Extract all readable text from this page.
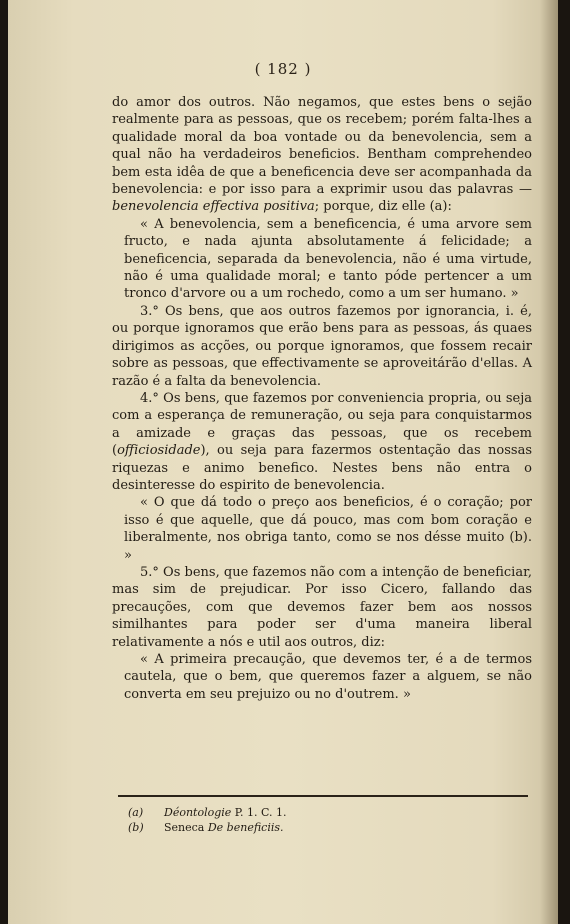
( 182 )

do amor dos outros. Não negamos, que estes bens o sejão realmente para as pessoas, que os recebem; porém falta-lhes a qualidade moral da boa vontade ou da benevolencia, sem a qual não ha verdadeiros beneficios. Bentham comprehendeo bem esta idêa de que a beneficencia deve ser acompanhada da benevolencia: e por isso para a exprimir usou das palavras — benevolencia effectiva positiva; porque, diz elle (a):

« A benevolencia, sem a beneficencia, é uma arvore sem fructo, e nada ajunta absolutamente á felicidade; a beneficencia, separada da benevolencia, não é uma virtude, não é uma qualidade moral; e tanto póde pertencer a um tronco d'arvore ou a um rochedo, como a um ser humano. »

3.° Os bens, que aos outros fazemos por ignorancia, i. é, ou porque ignoramos que erão bens para as pessoas, ás quaes dirigimos as acções, ou porque ignoramos, que fossem recair sobre as pessoas, que effectivamente se aproveitárão d'ellas. A razão é a falta da benevolencia.

4.° Os bens, que fazemos por conveniencia propria, ou seja com a esperança de remuneração, ou seja para conquistarmos a amizade e graças das pessoas, que os recebem (officiosidade), ou seja para fazermos ostentação das nossas riquezas e animo benefico. Nestes bens não entra o desinteresse do espirito de benevolencia.

« O que dá todo o preço aos beneficios, é o coração; por isso é que aquelle, que dá pouco, mas com bom coração e liberalmente, nos obriga tanto, como se nos désse muito (b). »

5.° Os bens, que fazemos não com a intenção de beneficiar, mas sim de prejudicar. Por isso Cicero, fallando das precauções, com que devemos fazer bem aos nossos similhantes para poder ser d'uma maneira liberal relativamente a nós e util aos outros, diz:

« A primeira precaução, que devemos ter, é a de termos cautela, que o bem, que queremos fazer a alguem, se não converta em seu prejuizo ou no d'outrem. »

(a) Déontologie P. 1. C. 1.
(b) Seneca De beneficiis.
